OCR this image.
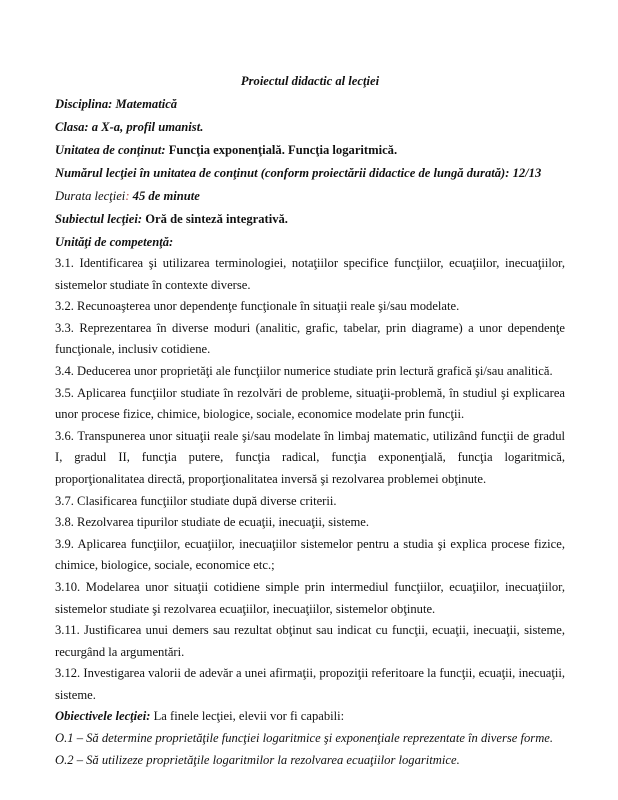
Proiectul didactic al lecţiei
Disciplina: Matematică
Clasa: a X-a, profil umanist.
Unitatea de conţinut: Funcţia exponenţială. Funcţia logaritmică.
Numărul lecţiei în unitatea de conţinut (conform proiectării didactice de lungă durată): 12/13
Durata lecţiei: 45 de minute
Subiectul lecţiei: Oră de sinteză integrativă.
Unităţi de competenţă:

3.1. Identificarea şi utilizarea terminologiei, notaţiilor specifice funcţiilor, ecuaţiilor, inecuaţiilor, sistemelor studiate în contexte diverse.

3.2. Recunoaşterea unor dependenţe funcţionale în situaţii reale şi/sau modelate.

3.3. Reprezentarea în diverse moduri (analitic, grafic, tabelar, prin diagrame) a unor dependenţe funcţionale, inclusiv cotidiene.

3.4. Deducerea unor proprietăţi ale funcţiilor numerice studiate prin lectură grafică şi/sau analitică.

3.5. Aplicarea funcţiilor studiate în rezolvări de probleme, situaţii-problemă, în studiul şi explicarea unor procese fizice, chimice, biologice, sociale, economice modelate prin funcţii.

3.6. Transpunerea unor situaţii reale şi/sau modelate în limbaj matematic, utilizând funcţii de gradul I, gradul II, funcţia putere, funcţia radical, funcţia exponenţială, funcţia logaritmică, proporţionalitatea directă, proporţionalitatea inversă şi rezolvarea problemei obţinute.

3.7. Clasificarea funcţiilor studiate după diverse criterii.

3.8. Rezolvarea tipurilor studiate de ecuaţii, inecuaţii, sisteme.

3.9. Aplicarea funcţiilor, ecuaţiilor, inecuaţiilor sistemelor pentru a studia şi explica procese fizice, chimice, biologice, sociale, economice etc.;

3.10. Modelarea unor situaţii cotidiene simple prin intermediul funcţiilor, ecuaţiilor, inecuaţiilor, sistemelor studiate şi rezolvarea ecuaţiilor, inecuaţiilor, sistemelor obţinute.

3.11. Justificarea unui demers sau rezultat obţinut sau indicat cu funcţii, ecuaţii, inecuaţii, sisteme, recurgând la argumentări.

3.12. Investigarea valorii de adevăr a unei afirmaţii, propoziţii referitoare la funcţii, ecuaţii, inecuaţii, sisteme.

Obiectivele lecţiei: La finele lecţiei, elevii vor fi capabili:
O.1 – Să determine proprietăţile funcţiei logaritmice şi exponenţiale reprezentate în diverse forme.
O.2 – Să utilizeze proprietăţile logaritmilor la rezolvarea ecuaţiilor logaritmice.
